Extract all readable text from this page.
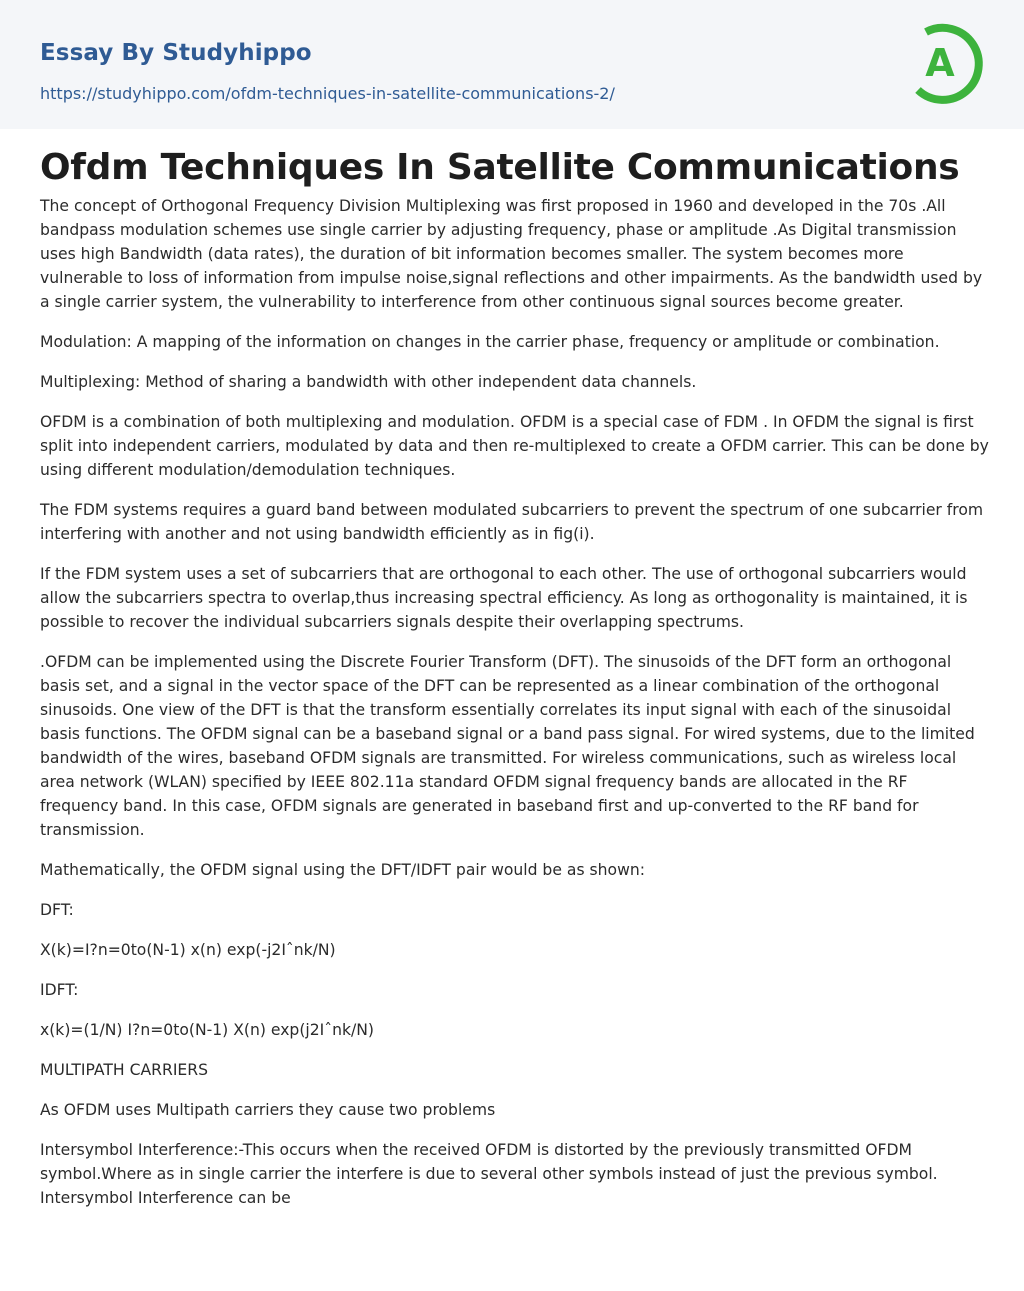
Essay By Studyhippo
https://studyhippo.com/ofdm-techniques-in-satellite-communications-2/
A
Ofdm Techniques In Satellite Communications

The concept of Orthogonal Frequency Division Multiplexing was first proposed in 1960 and developed in the 70s .All bandpass modulation schemes use single carrier by adjusting frequency, phase or amplitude .As Digital transmission uses high Bandwidth (data rates), the duration of bit information becomes smaller. The system becomes more vulnerable to loss of information from impulse noise,signal reflections and other impairments. As the bandwidth used by a single carrier system, the vulnerability to interference from other continuous signal sources become greater.

Modulation: A mapping of the information on changes in the carrier phase, frequency or amplitude or combination.

Multiplexing: Method of sharing a bandwidth with other independent data channels.

OFDM is a combination of both multiplexing and modulation. OFDM is a special case of FDM . In OFDM the signal is first split into independent carriers, modulated by data and then re-multiplexed to create a OFDM carrier. This can be done by using different modulation/demodulation techniques.

The FDM systems requires a guard band between modulated subcarriers to prevent the spectrum of one subcarrier from interfering with another and not using bandwidth efficiently as in fig(i).

If the FDM system uses a set of subcarriers that are orthogonal to each other. The use of orthogonal subcarriers would allow the subcarriers spectra to overlap,thus increasing spectral efficiency. As long as orthogonality is maintained, it is possible to recover the individual subcarriers signals despite their overlapping spectrums.

.OFDM can be implemented using the Discrete Fourier Transform (DFT). The sinusoids of the DFT form an orthogonal basis set, and a signal in the vector space of the DFT can be represented as a linear combination of the orthogonal sinusoids. One view of the DFT is that the transform essentially correlates its input signal with each of the sinusoidal basis functions. The OFDM signal can be a baseband signal or a band pass signal. For wired systems, due to the limited bandwidth of the wires, baseband OFDM signals are transmitted. For wireless communications, such as wireless local area network (WLAN) specified by IEEE 802.11a standard OFDM signal frequency bands are allocated in the RF frequency band. In this case, OFDM signals are generated in baseband first and up-converted to the RF band for transmission.

Mathematically, the OFDM signal using the DFT/IDFT pair would be as shown:

DFT:

X(k)=I?n=0to(N-1) x(n) exp(-j2Iˆnk/N)

IDFT:

x(k)=(1/N) I?n=0to(N-1) X(n) exp(j2Iˆnk/N)

MULTIPATH CARRIERS

As OFDM uses Multipath carriers they cause two problems

Intersymbol Interference:-This occurs when the received OFDM is distorted by the previously transmitted OFDM symbol.Where as in single carrier the interfere is due to several other symbols instead of just the previous symbol. Intersymbol Interference can be
